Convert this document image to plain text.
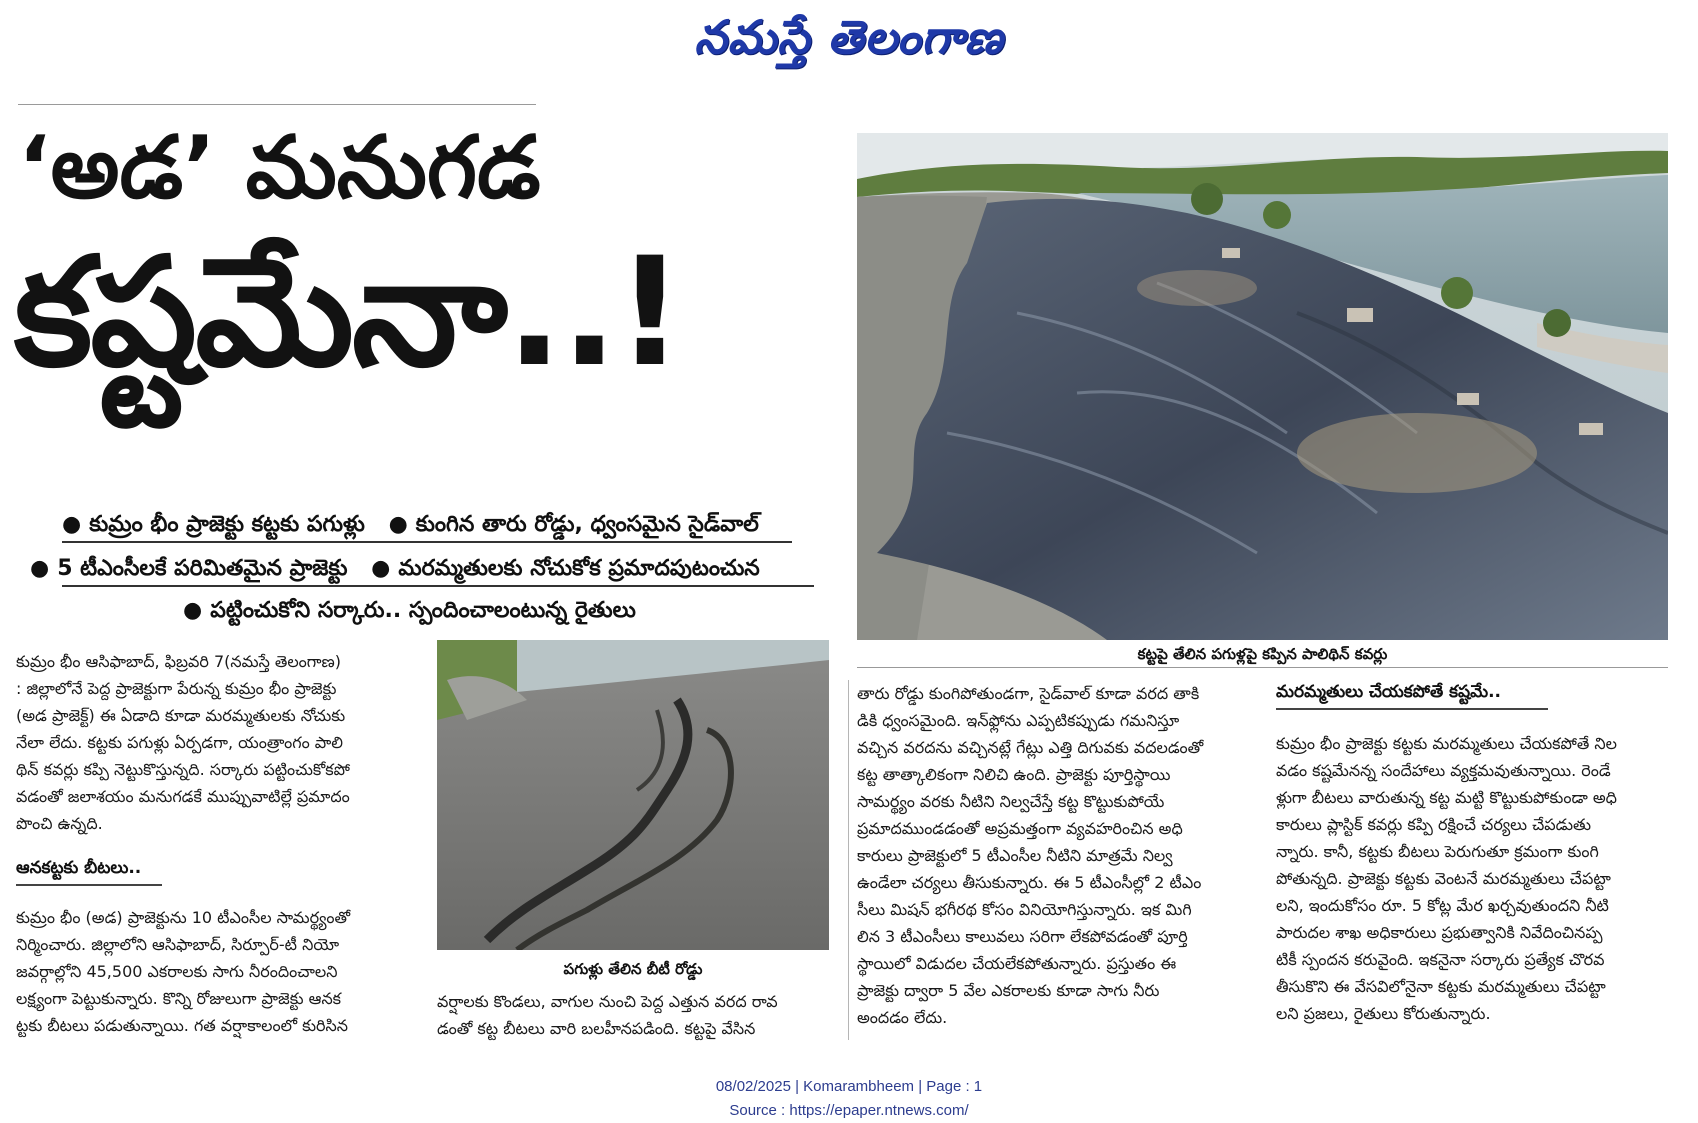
నమస్తే తెలంగాణ
‘అడ’ మనుగడ
కష్టమేనా..!
● కుమ్రం భీం ప్రాజెక్టు కట్టకు పగుళ్లు ● కుంగిన తారు రోడ్డు, ధ్వంసమైన సైడ్‌వాల్
● 5 టీఎంసీలకే పరిమితమైన ప్రాజెక్టు ● మరమ్మతులకు నోచుకోక ప్రమాదపుటంచున
● పట్టించుకోని సర్కారు.. స్పందించాలంటున్న రైతులు
కట్టపై తేలిన పగుళ్లపై కప్పిన పాలిథిన్ కవర్లు
పగుళ్లు తేలిన బీటీ రోడ్డు

కుమ్రం భీం ఆసిఫాబాద్, ఫిబ్రవరి 7(నమస్తే తెలంగాణ)

: జిల్లాలోనే పెద్ద ప్రాజెక్టుగా పేరున్న కుమ్రం భీం ప్రాజెక్టు

(అడ ప్రాజెక్ట్) ఈ ఏడాది కూడా మరమ్మతులకు నోచుకు

నేలా లేదు. కట్టకు పగుళ్లు ఏర్పడగా, యంత్రాంగం పాలి

థిన్ కవర్లు కప్పి నెట్టుకొస్తున్నది. సర్కారు పట్టించుకోకపో

వడంతో జలాశయం మనుగడకే ముప్పువాటిల్లే ప్రమాదం

పొంచి ఉన్నది.

ఆనకట్టకు బీటలు..

కుమ్రం భీం (అడ) ప్రాజెక్టును 10 టీఎంసీల సామర్థ్యంతో

నిర్మించారు. జిల్లాలోని ఆసిఫాబాద్, సిర్పూర్-టీ నియో

జవర్గాల్లోని 45,500 ఎకరాలకు సాగు నీరందించాలని

లక్ష్యంగా పెట్టుకున్నారు. కొన్ని రోజులుగా ప్రాజెక్టు ఆనక

ట్టకు బీటలు పడుతున్నాయి. గత వర్షాకాలంలో కురిసిన

వర్షాలకు కొండలు, వాగుల నుంచి పెద్ద ఎత్తున వరద రావ

డంతో కట్ట బీటలు వారి బలహీనపడింది. కట్టపై వేసిన

తారు రోడ్డు కుంగిపోతుండగా, సైడ్‌వాల్ కూడా వరద తాకి

డికి ధ్వంసమైంది. ఇన్‌ఫ్లోను ఎప్పటికప్పుడు గమనిస్తూ

వచ్చిన వరదను వచ్చినట్లే గేట్లు ఎత్తి దిగువకు వదలడంతో

కట్ట తాత్కాలికంగా నిలిచి ఉంది. ప్రాజెక్టు పూర్తిస్థాయి

సామర్థ్యం వరకు నీటిని నిల్వచేస్తే కట్ట కొట్టుకుపోయే

ప్రమాదముండడంతో అప్రమత్తంగా వ్యవహరించిన అధి

కారులు ప్రాజెక్టులో 5 టీఎంసీల నీటిని మాత్రమే నిల్వ

ఉండేలా చర్యలు తీసుకున్నారు. ఈ 5 టీఎంసీల్లో 2 టీఎం

సీలు మిషన్ భగీరథ కోసం వినియోగిస్తున్నారు. ఇక మిగి

లిన 3 టీఎంసీలు కాలువలు సరిగా లేకపోవడంతో పూర్తి

స్థాయిలో విడుదల చేయలేకపోతున్నారు. ప్రస్తుతం ఈ

ప్రాజెక్టు ద్వారా 5 వేల ఎకరాలకు కూడా సాగు నీరు

అందడం లేదు.

మరమ్మతులు చేయకపోతే కష్టమే..

కుమ్రం భీం ప్రాజెక్టు కట్టకు మరమ్మతులు చేయకపోతే నిల

వడం కష్టమేనన్న సందేహాలు వ్యక్తమవుతున్నాయి. రెండే

ళ్లుగా బీటలు వారుతున్న కట్ట మట్టి కొట్టుకుపోకుండా అధి

కారులు ప్లాస్టిక్ కవర్లు కప్పి రక్షించే చర్యలు చేపడుతు

న్నారు. కానీ, కట్టకు బీటలు పెరుగుతూ క్రమంగా కుంగి

పోతున్నది. ప్రాజెక్టు కట్టకు వెంటనే మరమ్మతులు చేపట్టా

లని, ఇందుకోసం రూ. 5 కోట్ల మేర ఖర్చవుతుందని నీటి

పారుదల శాఖ అధికారులు ప్రభుత్వానికి నివేదించినప్ప

టికీ స్పందన కరువైంది. ఇకనైనా సర్కారు ప్రత్యేక చొరవ

తీసుకొని ఈ వేసవిలోనైనా కట్టకు మరమ్మతులు చేపట్టా

లని ప్రజలు, రైతులు కోరుతున్నారు.

08/02/2025 | Komarambheem | Page : 1
Source : https://epaper.ntnews.com/
